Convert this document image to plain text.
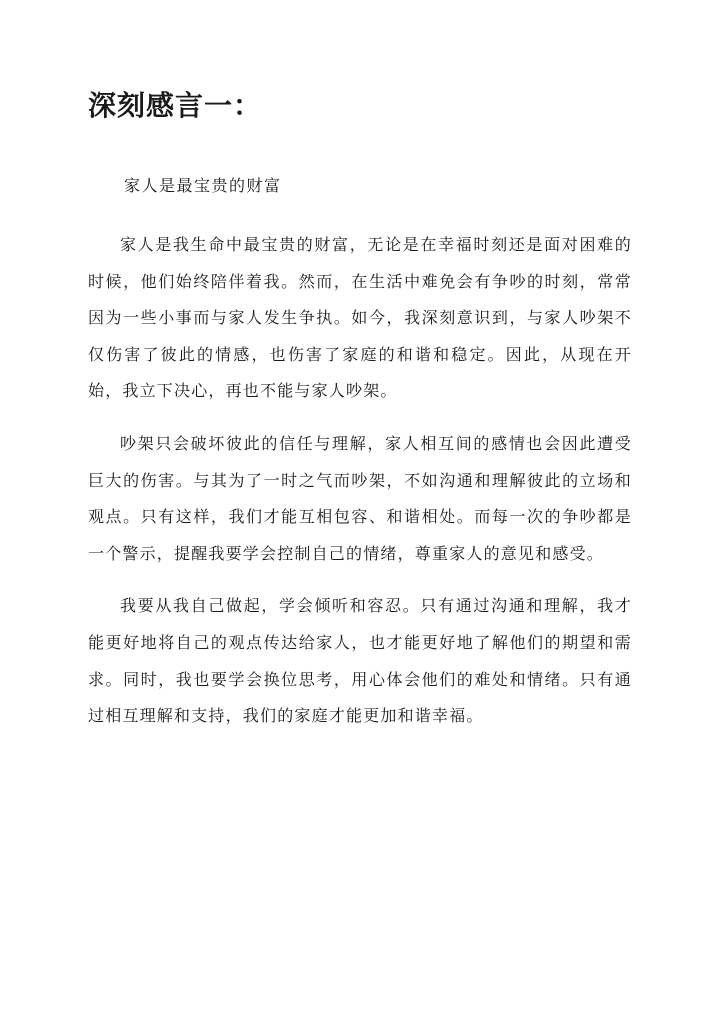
深刻感言一：

家人是最宝贵的财富

家人是我生命中最宝贵的财富，无论是在幸福时刻还是面对困难的时候，他们始终陪伴着我。然而，在生活中难免会有争吵的时刻，常常因为一些小事而与家人发生争执。如今，我深刻意识到，与家人吵架不仅伤害了彼此的情感，也伤害了家庭的和谐和稳定。因此，从现在开始，我立下决心，再也不能与家人吵架。

吵架只会破坏彼此的信任与理解，家人相互间的感情也会因此遭受巨大的伤害。与其为了一时之气而吵架，不如沟通和理解彼此的立场和观点。只有这样，我们才能互相包容、和谐相处。而每一次的争吵都是一个警示，提醒我要学会控制自己的情绪，尊重家人的意见和感受。

我要从我自己做起，学会倾听和容忍。只有通过沟通和理解，我才能更好地将自己的观点传达给家人，也才能更好地了解他们的期望和需求。同时，我也要学会换位思考，用心体会他们的难处和情绪。只有通过相互理解和支持，我们的家庭才能更加和谐幸福。
